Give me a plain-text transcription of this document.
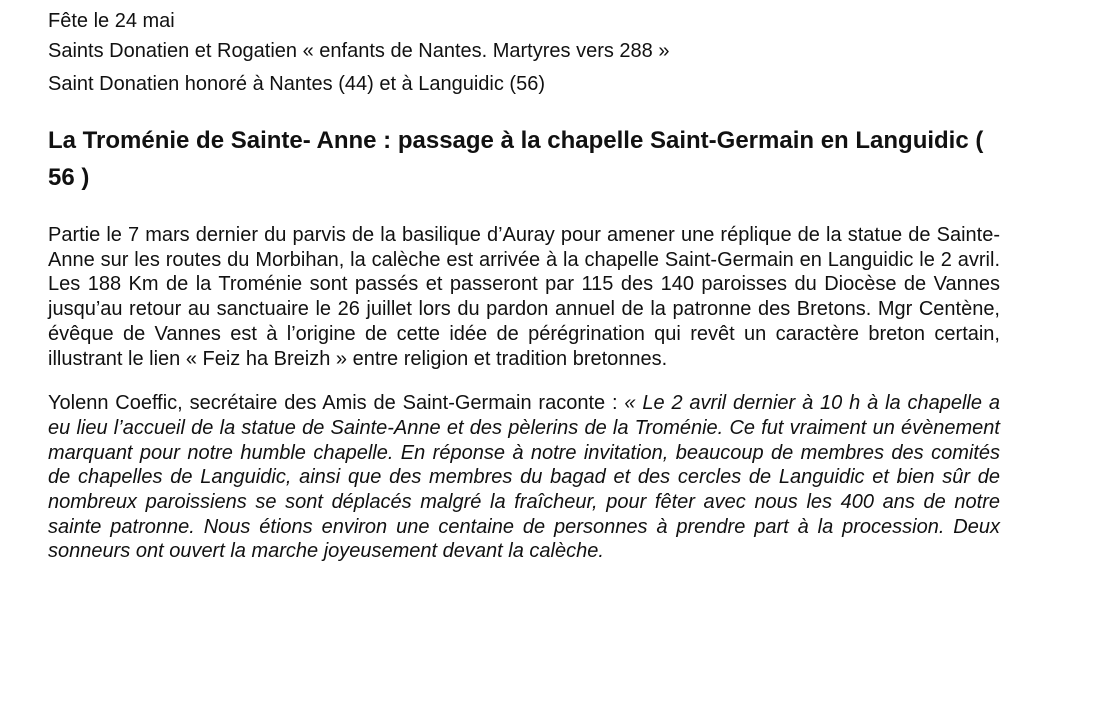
Fête le 24 mai
Saints Donatien et Rogatien « enfants de Nantes. Martyres vers 288 »
Saint Donatien honoré à Nantes (44) et à Languidic (56)
La Troménie de Sainte- Anne : passage à la chapelle Saint-Germain en Languidic ( 56 )

Partie le 7 mars dernier du parvis de la basilique d’Auray pour amener une réplique de la statue de Sainte-Anne sur les routes du Morbihan, la calèche est arrivée à la chapelle Saint-Germain en Languidic le 2 avril. Les 188 Km de la Troménie sont passés et passeront par 115 des 140 paroisses du Diocèse de Vannes jusqu’au retour au sanctuaire le 26 juillet lors du pardon annuel de la patronne des Bretons. Mgr Centène, évêque de Vannes est à l’origine de cette idée de pérégrination qui revêt un caractère breton certain, illustrant le lien « Feiz ha Breizh » entre religion et tradition bretonnes.

Yolenn Coeffic, secrétaire des Amis de Saint-Germain raconte : « Le 2 avril dernier à 10 h à la chapelle a eu lieu l’accueil de la statue de Sainte-Anne et des pèlerins de la Troménie. Ce fut vraiment un évènement marquant pour notre humble chapelle. En réponse à notre invitation, beaucoup de membres des comités de chapelles de Languidic, ainsi que des membres du bagad et des cercles de Languidic et bien sûr de nombreux paroissiens se sont déplacés malgré la fraîcheur, pour fêter avec nous les 400 ans de notre sainte patronne. Nous étions environ une centaine de personnes à prendre part à la procession. Deux sonneurs ont ouvert la marche joyeusement devant la calèche.
